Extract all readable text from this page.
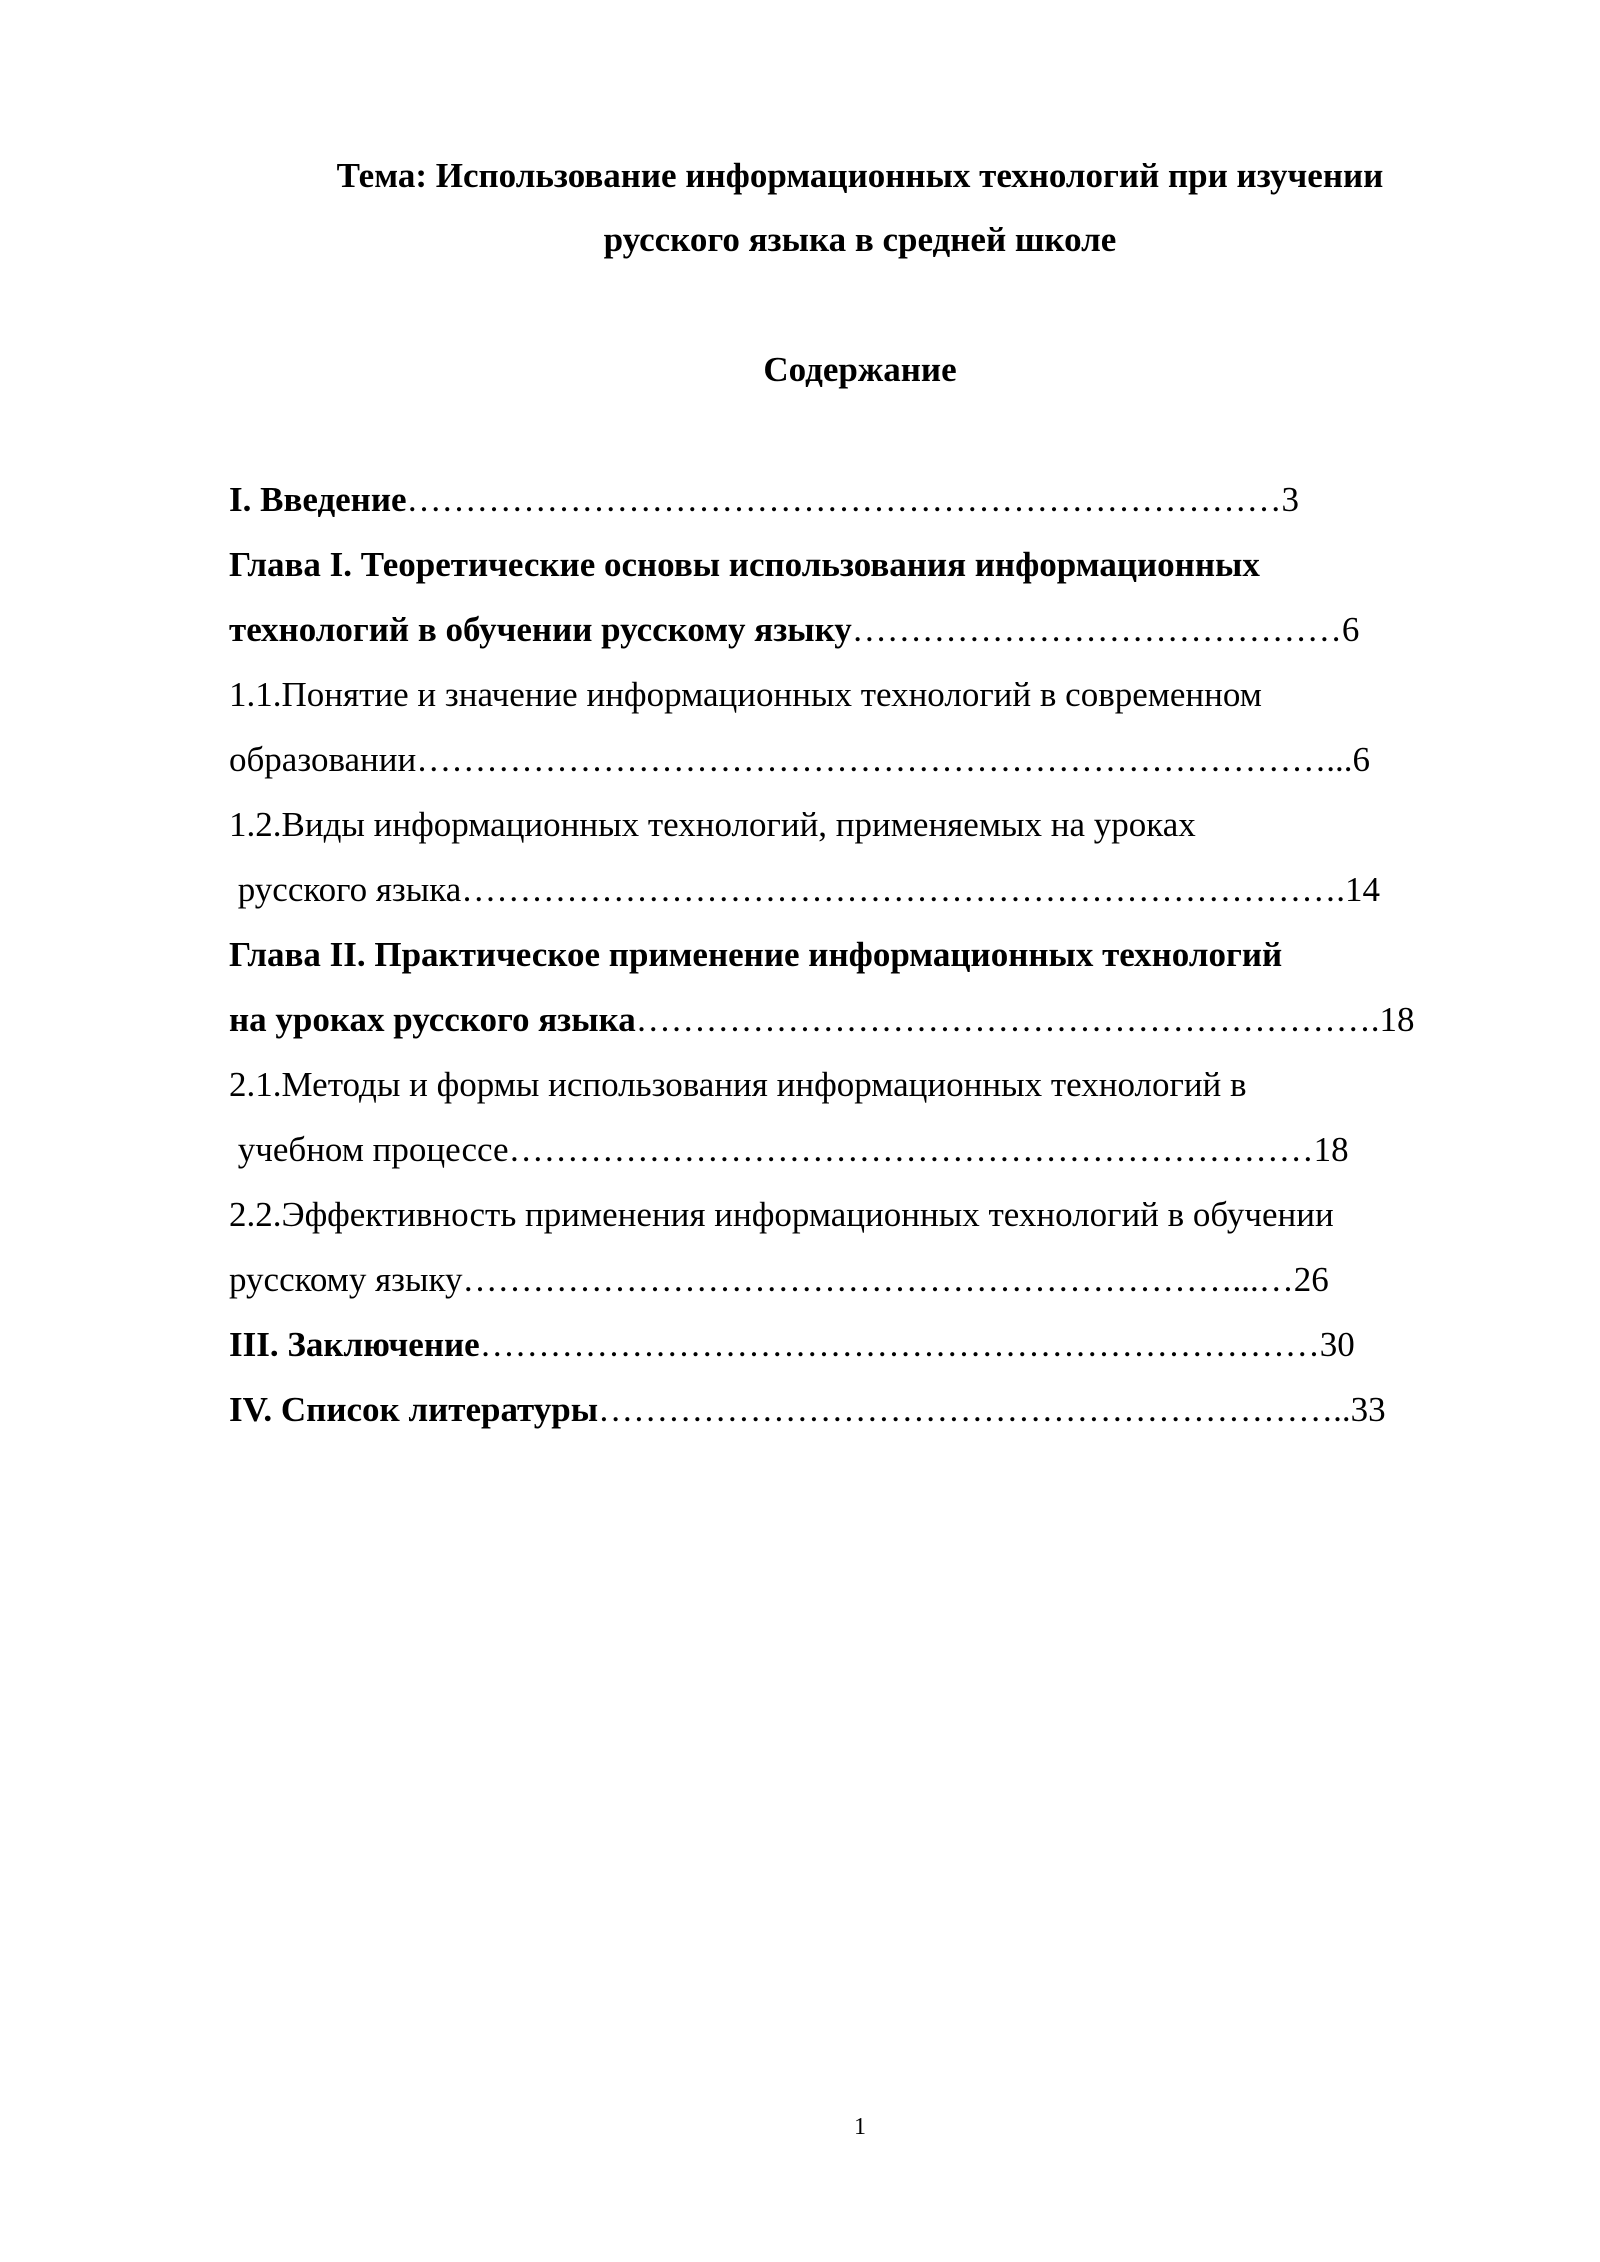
Тема: Использование информационных технологий при изучении
русского языка в средней школе
Содержание
I. Введение…………………………………………………………………3
Глава I. Теоретические основы использования информационных
технологий в обучении русскому языку……………………………………6
1.1.Понятие и значение информационных технологий в современном
образовании……………………………………………………………………...6
1.2.Виды информационных технологий, применяемых на уроках
русского языка………………………………………………………………….14
Глава II. Практическое применение информационных технологий
на уроках русского языка……………………………………………………….18
2.1.Методы и формы использования информационных технологий в
учебном процессе……………………………………………………………18
2.2.Эффективность применения информационных технологий в обучении
русскому языку…………………………………………………………...…26
III. Заключение………………………………………………………………30
IV. Список литературы………………………………………………………..33
1
